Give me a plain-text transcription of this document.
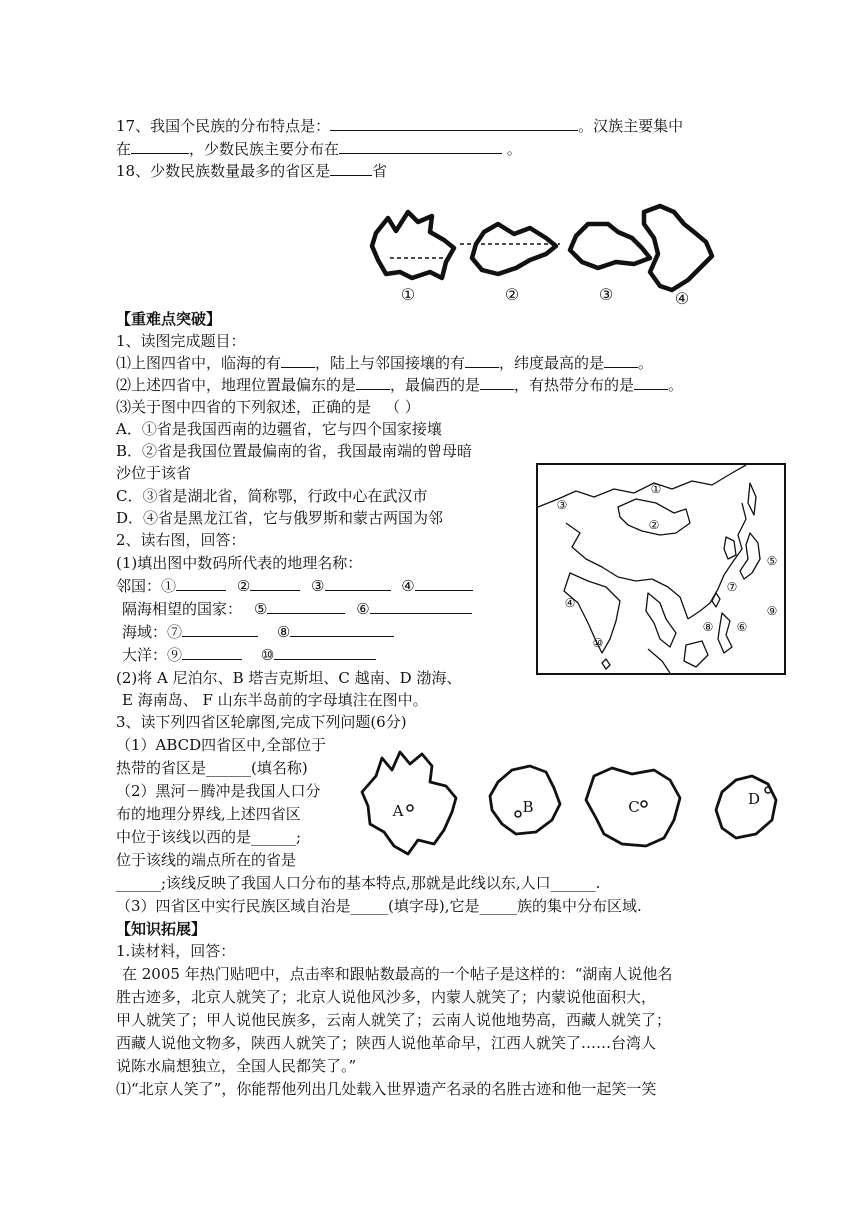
17、我国个民族的分布特点是：	。汉族主要集中
在	，少数民族主要分布在	。
18、少数民族数量最多的省区是	省
①	②	③	④
【重难点突破】
1、读图完成题目：
⑴上图四省中，临海的有 ，陆上与邻国接壤的有 ，纬度最高的是 。
⑵上述四省中，地理位置最偏东的是 ，最偏西的是 ，有热带分布的是 。
⑶关于图中四省的下列叙述，正确的是 （ ）
A．①省是我国西南的边疆省，它与四个国家接壤
B．②省是我国位置最偏南的省，我国最南端的曾母暗
沙位于该省
C．③省是湖北省，简称鄂，行政中心在武汉市
D．④省是黑龙江省，它与俄罗斯和蒙古两国为邻
①
②
③
④
⑤
⑥
⑦
⑧
⑨
⑩
2、读右图，回答：
(1)填出图中数码所代表的地理名称：
邻国：①	②	③	④
隔海相望的国家： ⑤	⑥
海域：⑦	⑧
大洋：⑨	⑩
(2)将 A 尼泊尔、B 塔吉克斯坦、C 越南、D 渤海、
E 海南岛、 F 山东半岛前的字母填注在图中。
3、读下列四省区轮廓图,完成下列问题(6分)
（1）ABCD四省区中,全部位于
热带的省区是______(填名称)
（2）黑河－腾冲是我国人口分
布的地理分界线,上述四省区
中位于该线以西的是______;
位于该线的端点所在的省是
______;该线反映了我国人口分布的基本特点,那就是此线以东,人口______.
（3）四省区中实行民族区域自治是_____(填字母),它是_____族的集中分布区域.
A	B	C	D
【知识拓展】
1.读材料，回答：
在 2005 年热门贴吧中，点击率和跟帖数最高的一个帖子是这样的：“湖南人说他名
胜古迹多，北京人就笑了；北京人说他风沙多，内蒙人就笑了；内蒙说他面积大，
甲人就笑了；甲人说他民族多，云南人就笑了；云南人说他地势高，西藏人就笑了；
西藏人说他文物多，陕西人就笑了；陕西人说他革命早，江西人就笑了……台湾人
说陈水扁想独立，全国人民都笑了。”
⑴“北京人笑了”，你能帮他列出几处载入世界遗产名录的名胜古迹和他一起笑一笑
